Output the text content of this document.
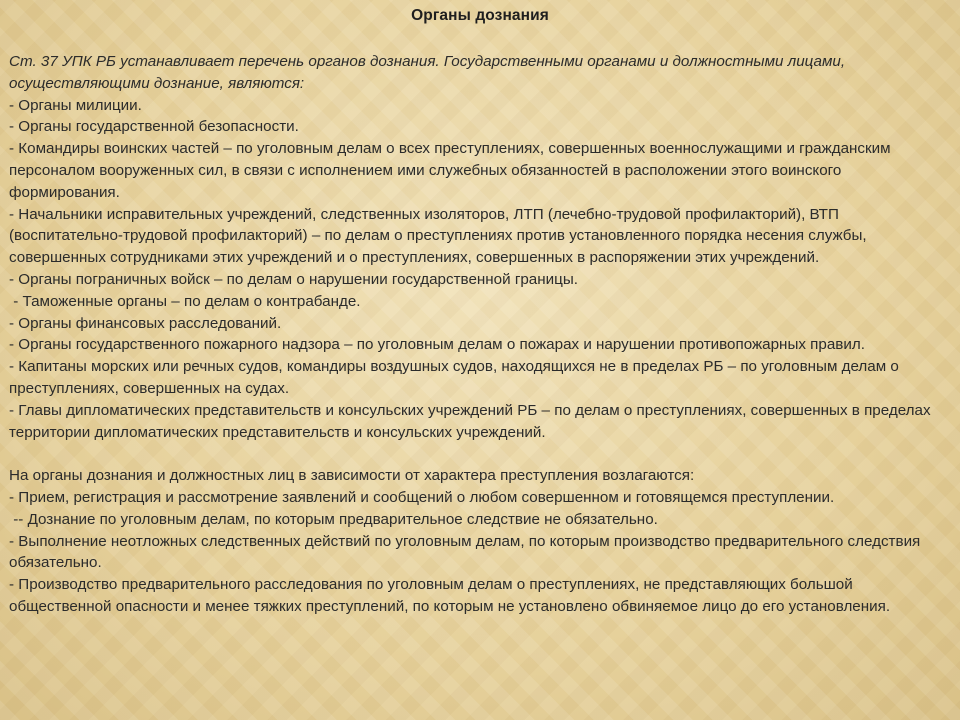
Органы дознания

Ст. 37 УПК РБ устанавливает перечень органов дознания. Государственными органами и должностными лицами, осуществляющими дознание, являются:

- Органы милиции.

- Органы государственной безопасности.

- Командиры воинских частей – по уголовным делам о всех преступлениях, совершенных военнослужащими и гражданским персоналом вооруженных сил, в связи с исполнением ими служебных обязанностей в расположении этого воинского формирования.

- Начальники исправительных учреждений, следственных изоляторов, ЛТП (лечебно-трудовой профилакторий), ВТП (воспитательно-трудовой профилакторий) – по делам о преступлениях против установленного порядка несения службы, совершенных сотрудниками этих учреждений и о преступлениях, совершенных в распоряжении этих учреждений.

- Органы пограничных войск – по делам о нарушении государственной границы.

- Таможенные органы – по делам о контрабанде.

- Органы финансовых расследований.

- Органы государственного пожарного надзора – по уголовным делам о пожарах и нарушении противопожарных правил.

- Капитаны морских или речных судов, командиры воздушных судов, находящихся не в пределах РБ – по уголовным делам о преступлениях, совершенных на судах.

- Главы дипломатических представительств и консульских учреждений РБ – по делам о преступлениях, совершенных в пределах территории дипломатических представительств и консульских учреждений.

На органы дознания и должностных лиц в зависимости от характера преступления возлагаются:

- Прием, регистрация и рассмотрение заявлений и сообщений о любом совершенном и готовящемся преступлении.

-- Дознание по уголовным делам, по которым предварительное следствие не обязательно.

- Выполнение неотложных следственных действий по уголовным делам, по которым производство предварительного следствия обязательно.

- Производство предварительного расследования по уголовным делам о преступлениях, не представляющих большой общественной опасности и менее тяжких преступлений, по которым не установлено обвиняемое лицо до его установления.
